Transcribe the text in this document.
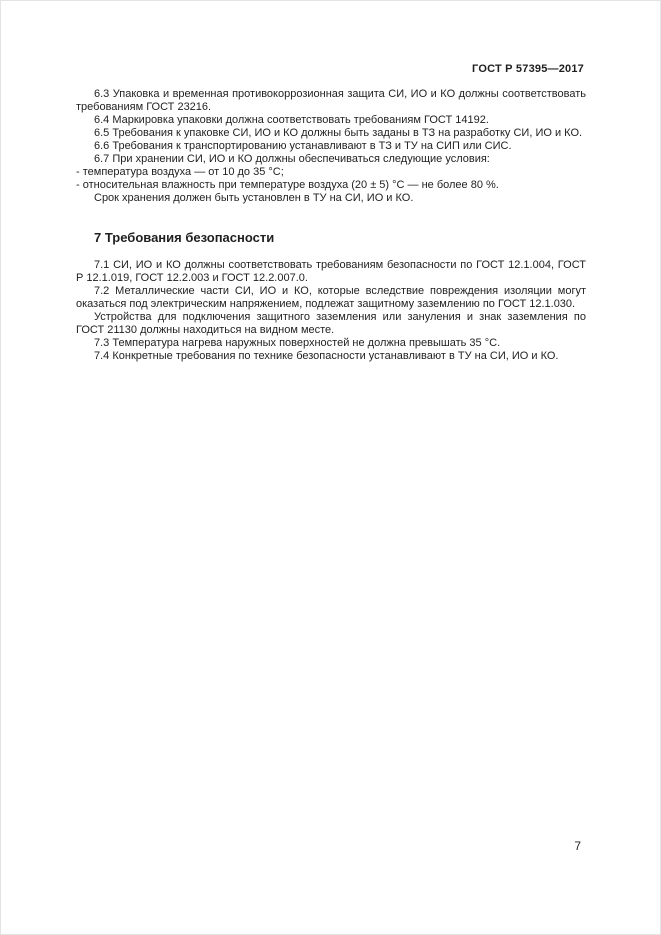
ГОСТ Р 57395—2017

6.3 Упаковка и временная противокоррозионная защита СИ, ИО и КО должны соответствовать требованиям ГОСТ 23216.

6.4 Маркировка упаковки должна соответствовать требованиям ГОСТ 14192.

6.5 Требования к упаковке СИ, ИО и КО должны быть заданы в ТЗ на разработку СИ, ИО и КО.

6.6 Требования к транспортированию устанавливают в ТЗ и ТУ на СИП или СИС.

6.7 При хранении СИ, ИО и КО должны обеспечиваться следующие условия:

- температура воздуха — от 10 до 35 °С;

- относительная влажность при температуре воздуха (20 ± 5) °С — не более 80 %.

Срок хранения должен быть установлен в ТУ на СИ, ИО и КО.

7 Требования безопасности

7.1 СИ, ИО и КО должны соответствовать требованиям безопасности по ГОСТ 12.1.004, ГОСТ Р 12.1.019, ГОСТ 12.2.003 и ГОСТ 12.2.007.0.

7.2 Металлические части СИ, ИО и КО, которые вследствие повреждения изоляции могут оказаться под электрическим напряжением, подлежат защитному заземлению по ГОСТ 12.1.030.

Устройства для подключения защитного заземления или зануления и знак заземления по ГОСТ 21130 должны находиться на видном месте.

7.3 Температура нагрева наружных поверхностей не должна превышать 35 °С.

7.4 Конкретные требования по технике безопасности устанавливают в ТУ на СИ, ИО и КО.

7
